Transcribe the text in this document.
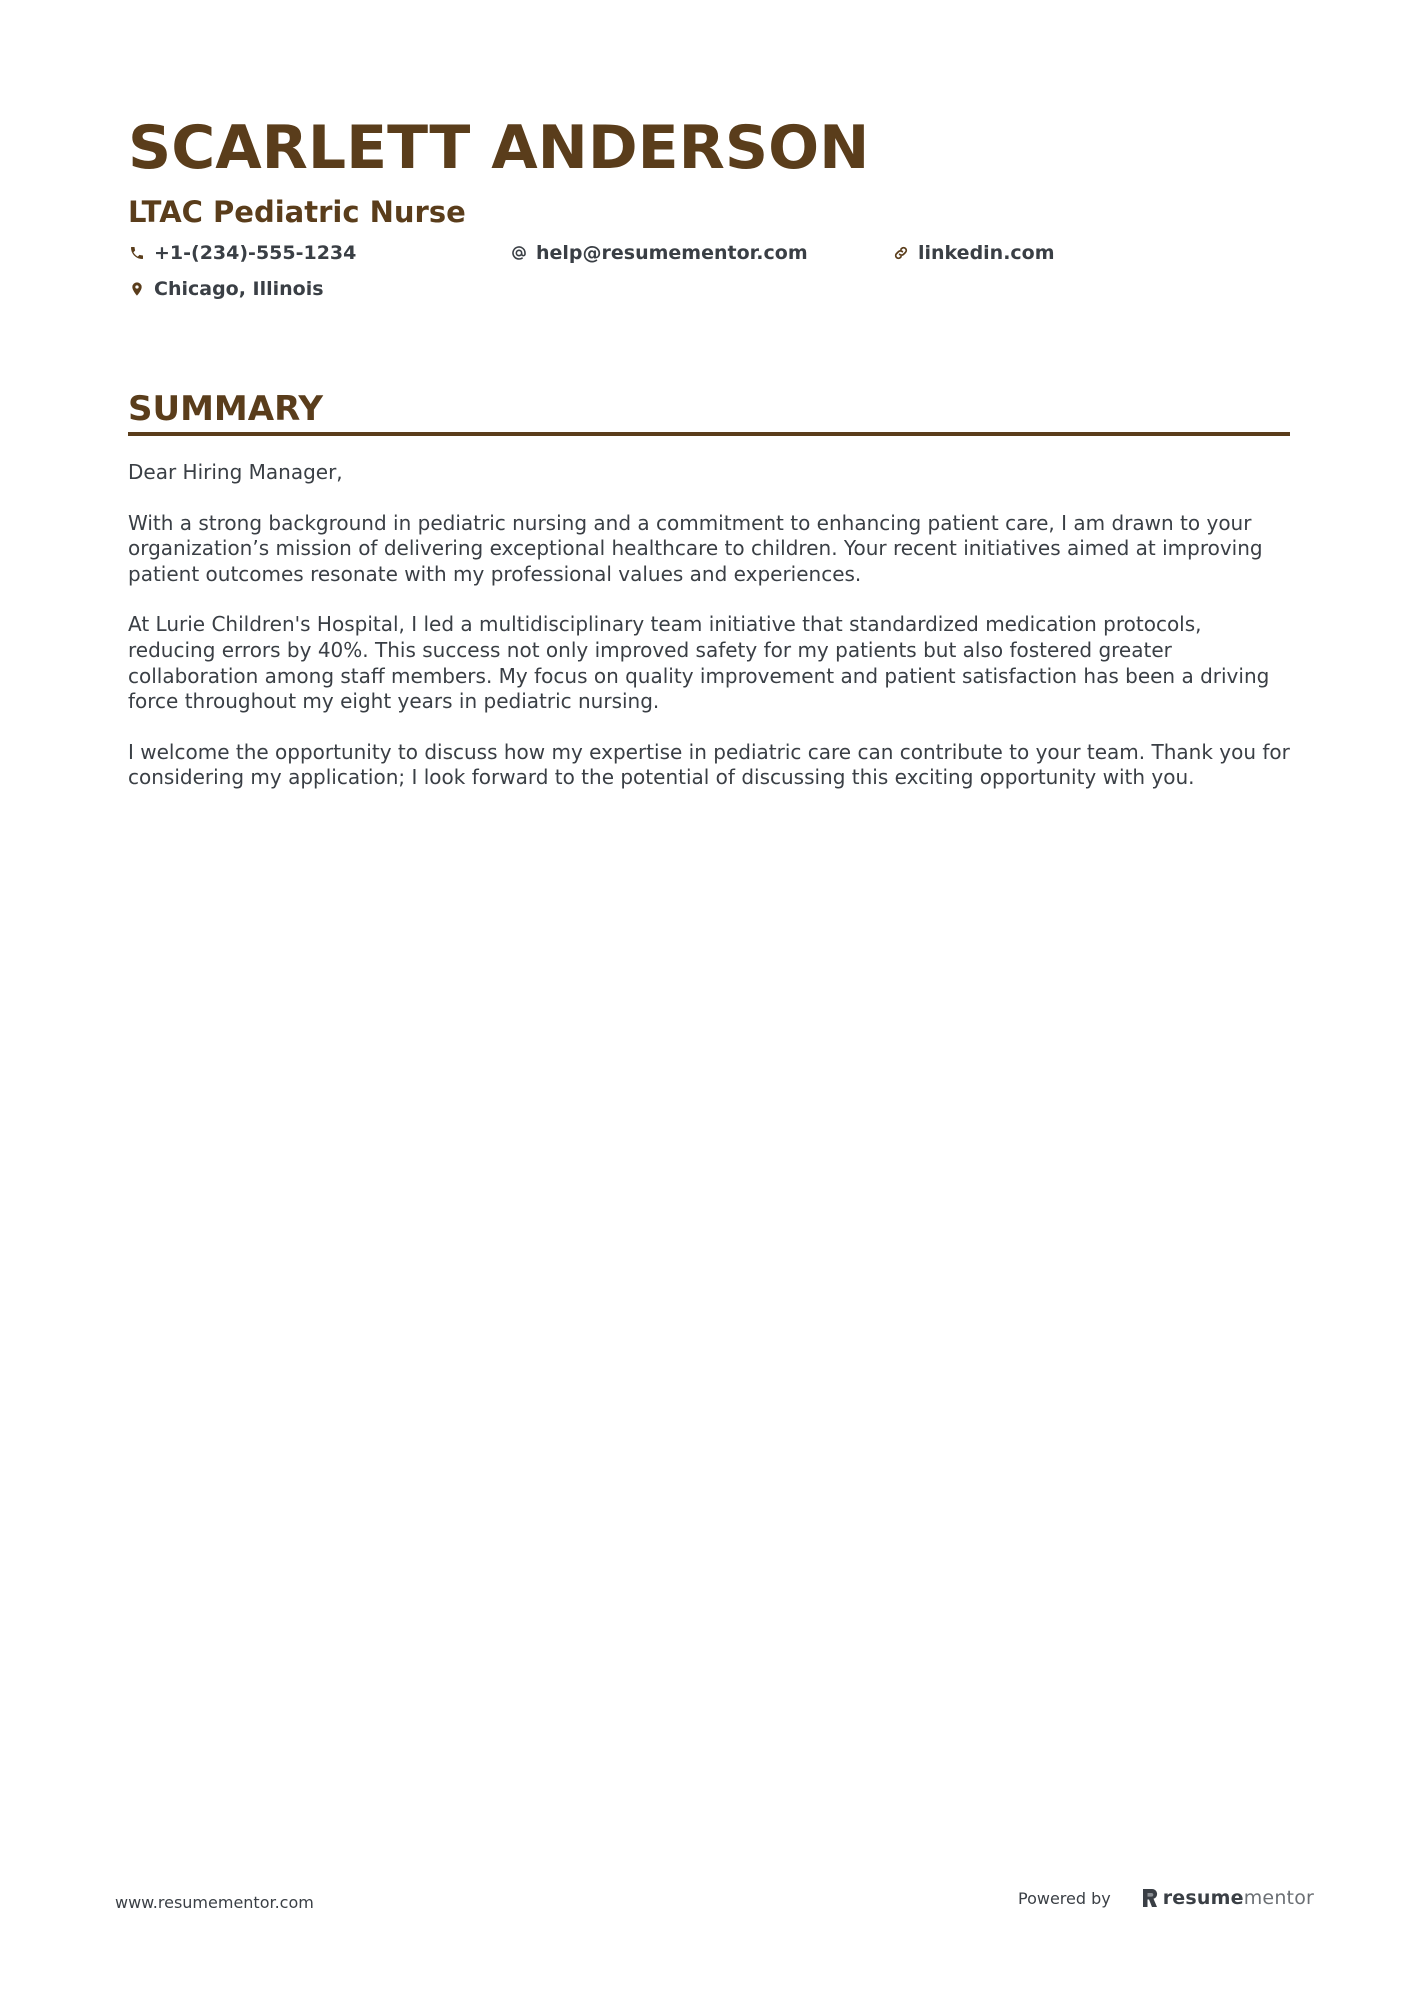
SCARLETT ANDERSON
LTAC Pediatric Nurse
+1-(234)-555-1234	help@resumementor.com	linkedin.com
Chicago, Illinois
SUMMARY

Dear Hiring Manager,

With a strong background in pediatric nursing and a commitment to enhancing patient care, I am drawn to your organization’s mission of delivering exceptional healthcare to children. Your recent initiatives aimed at improving patient outcomes resonate with my professional values and experiences.

At Lurie Children's Hospital, I led a multidisciplinary team initiative that standardized medication protocols, reducing errors by 40%. This success not only improved safety for my patients but also fostered greater collaboration among staff members. My focus on quality improvement and patient satisfaction has been a driving force throughout my eight years in pediatric nursing.

I welcome the opportunity to discuss how my expertise in pediatric care can contribute to your team. Thank you for considering my application; I look forward to the potential of discussing this exciting opportunity with you.

www.resumementor.com	Powered by	resumementor
